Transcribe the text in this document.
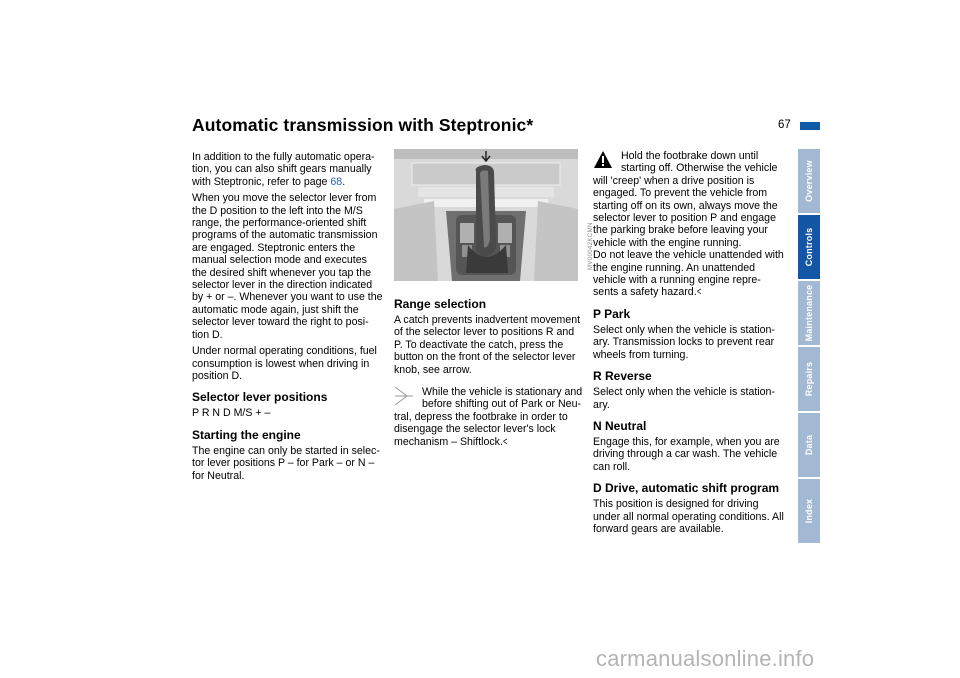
Automatic transmission with Steptronic*	67

In addition to the fully automatic opera-tion, you can also shift gears manually with Steptronic, refer to page 68.

When you move the selector lever from the D position to the left into the M/S range, the performance-oriented shift programs of the automatic transmission are engaged. Steptronic enters the manual selection mode and executes the desired shift whenever you tap the selector lever in the direction indicated by + or –. Whenever you want to use the automatic mode again, just shift the selector lever toward the right to posi-tion D.

Under normal operating conditions, fuel consumption is lowest when driving in position D.

Selector lever positions

P R N D M/S + –

Starting the engine

The engine can only be started in selec-tor lever positions P – for Park – or N – for Neutral.

MV00042KCMN
Range selection

A catch prevents inadvertent movement of the selector lever to positions R and P. To deactivate the catch, press the button on the front of the selector lever knob, see arrow.

While the vehicle is stationary and
before shifting out of Park or Neu-
tral, depress the footbrake in order to disengage the selector lever's lock mechanism – Shiftlock.<
Hold the footbrake down until
starting off. Otherwise the vehicle
will 'creep' when a drive position is engaged. To prevent the vehicle from starting off on its own, always move the selector lever to position P and engage the parking brake before leaving your vehicle with the engine running.
Do not leave the vehicle unattended with the engine running. An unattended vehicle with a running engine repre-sents a safety hazard.<
P Park

Select only when the vehicle is station-ary. Transmission locks to prevent rear wheels from turning.

R Reverse

Select only when the vehicle is station-ary.

N Neutral

Engage this, for example, when you are driving through a car wash. The vehicle can roll.

D Drive, automatic shift program

This position is designed for driving under all normal operating conditions. All forward gears are available.

Overview
Controls
Maintenance
Repairs
Data
Index
carmanualsonline.info
